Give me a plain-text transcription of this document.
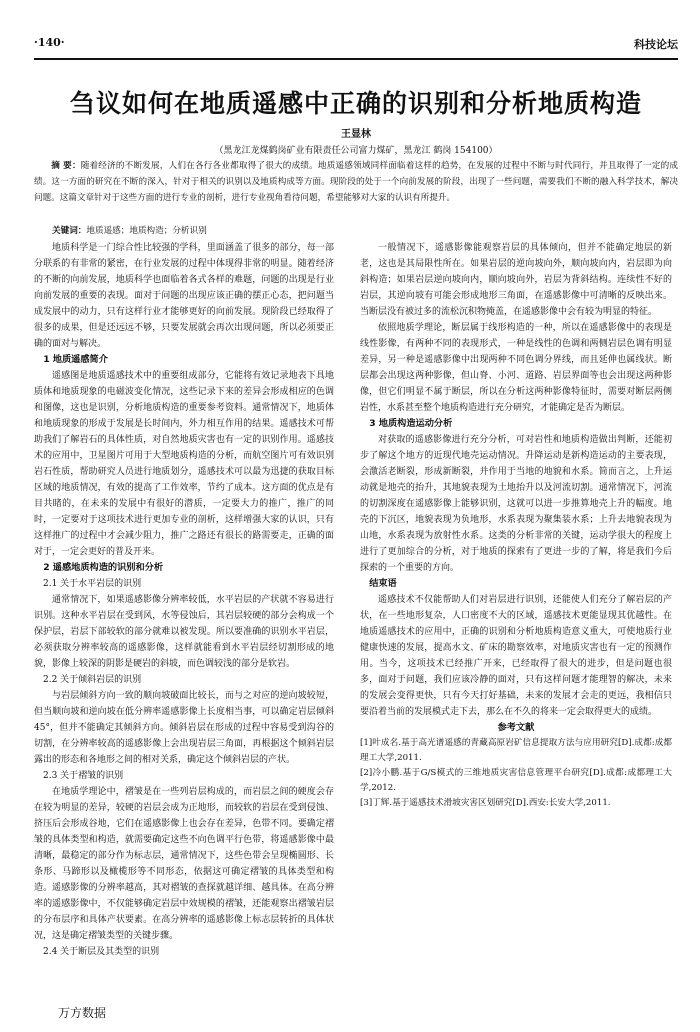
·140·	科技论坛
刍议如何在地质遥感中正确的识别和分析地质构造
王显林
（黑龙江龙煤鹤岗矿业有限责任公司富力煤矿，黑龙江 鹤岗 154100）
摘 要：随着经济的不断发展，人们在各行各业都取得了很大的成绩。地质遥感领域同样面临着这样的趋势，在发展的过程中不断与时代同行，并且取得了一定的成绩。这一方面的研究在不断的深入，针对于相关的识别以及地质构成等方面。现阶段的处于一个向前发展的阶段，出现了一些问题，需要我们不断的融入科学技术，解决问题。这篇文章针对于这些方面的进行专业的剖析，进行专业视角看待问题，希望能够对大家的认识有所提升。
关键词：地质遥感；地质构造；分析识别

地质科学是一门综合性比较强的学科，里面涵盖了很多的部分，每一部分联系的有非常的紧密，在行业发展的过程中体现得非常的明显。随着经济的不断的向前发展，地质科学也面临着各式各样的难题，问题的出现是行业向前发展的重要的表现。面对于问题的出现应该正确的摆正心态，把问题当成发展中的动力，只有这样行业才能够更好的向前发展。现阶段已经取得了很多的成果，但是还远远不够，只要发展就会再次出现问题，所以必须要正确的面对与解决。

1 地质遥感简介

遥感图是地质遥感技术中的重要组成部分，它能将有效记录地表下具地质体和地质现象的电磁波变化情况，这些记录下来的差异会形成相应的色调和图像，这也是识别，分析地质构造的重要参考资料。通常情况下，地质体和地质现象的形成于发展是长时间内，外力相互作用的结果。遥感技术可帮助我们了解岩石的具体性质，对自然地质灾害也有一定的识别作用。遥感技术的应用中，卫星图片可用于大型地质构造的分析，而航空图片可有效识别岩石性质，帮助研究人员进行地质划分，遥感技术可以最为迅捷的获取目标区域的地质情况，有效的提高了工作效率，节约了成本。这方面的优点是有目共睹的，在未来的发展中有很好的潜质，一定要大力的推广，推广的同时，一定要对于这项技术进行更加专业的剖析，这样增强大家的认识，只有这样推广的过程中才会减少阻力，推广之路还有很长的路需要走，正确的面对于，一定会更好的普及开来。

2 遥感地质构造的识别和分析
2.1 关于水平岩层的识别

通常情况下，如果遥感影像分辨率较低，水平岩层的产状就不容易进行识别。这种水平岩层在受到风，水等侵蚀后，其岩层较硬的部分会构成一个保护层，岩层下部较软的部分就难以被发现。所以要准确的识别水平岩层，必须获取分辨率较高的遥感影像，这样就能看到水平岩层经切割形成的地貌，影像上较深的阴影是硬岩的斜坡，而色调较浅的部分是软岩。

2.2 关于倾斜岩层的识别

与岩层倾斜方向一致的顺向坡破面比较长，而与之对应的逆向坡较短，但当顺向坡和逆向坡在低分辨率遥感影像上长度相当事，可以确定岩层倾斜45°，但并不能确定其倾斜方向。倾斜岩层在形成的过程中容易受到沟谷的切割，在分辨率较高的遥感影像上会出现岩层三角面，再根据这个倾斜岩层露出的形态和各地形之间的相对关系，确定这个倾斜岩层的产状。

2.3 关于褶皱的识别

在地质学理论中，褶皱是在一些列岩层构成的，而岩层之间的硬度会存在较为明显的差异，较硬的岩层会成为正地形，而较软的岩层在受到侵蚀、挤压后会形成谷地，它们在遥感影像上也会存在差异，色带不同。要确定褶皱的具体类型和构造，就需要确定这些不向色调平行色带，将遥感影像中最清晰，最稳定的部分作为标志层，通常情况下，这些色带会呈现椭圆形、长条形、马蹄形以及橄榄形等不同形态，依据这可确定褶皱的具体类型和构造。遥感影像的分辨率越高，其对褶皱的查探就越详细、越具体。在高分辨率的遥感影像中，不仅能够确定岩层中效规模的褶皱，还能观察出褶皱岩层的分布层序和具体产状要素。在高分辨率的遥感影像上标志层转折的具体状况，这是确定褶皱类型的关键步骤。

2.4 关于断层及其类型的识别

一般情况下，遥感影像能观察岩层的具体倾向，但并不能确定地层的新老，这也是其局限性所在。如果岩层的逆向坡向外，顺向坡向内，岩层即为向斜构造；如果岩层逆向坡向内，顺向坡向外，岩层为背斜结构。连续性不好的岩层，其逆向坡有可能会形成地形三角面，在遥感影像中可清晰的反映出来。当断层没有被过多的流松沉积物掩盖，在遥感影像中会有较为明显的特征。

依照地质学理论，断层属于线形构造的一种，所以在遥感影像中的表现是线性影像，有两种不同的表现形式，一种是线性的色调和两侧岩层色调有明显差异，另一种是遥感影像中出现两种不同色调分界线，而且延伸也属线状。断层都会出现这两种影像，但山脊、小河、道路、岩层界面等也会出现这两种影像，但它们明显不属于断层，所以在分析这两种影像特征时，需要对断层两侧岩性，水系甚至整个地质构造进行充分研究，才能确定是否为断层。

3 地质构造运动分析

对获取的遥感影像进行充分分析，可对岩性和地质构造做出判断，还能初步了解这个地方的近现代地壳运动情况。升降运动是新构造运动的主要表现，会激活老断裂，形成新断裂，并作用于当地的地貌和水系。简而言之，上升运动就是地壳的抬升，其地貌表现为土地抬升以及河流切割。通常情况下，河流的切割深度在遥感影像上能够识别，这就可以进一步推算地壳上升的幅度。地壳的下沉区，地貌表现为负地形，水系表现为聚集装水系；上升去地貌表现为山地，水系表现为放射性水系。这类的分析非常的关键，运动学很大的程度上进行了更加综合的分析，对于地质的探索有了更进一步的了解，将是我们今后探索的一个重要的方向。

结束语

遥感技术不仅能帮助人们对岩层进行识别，还能使人们充分了解岩层的产状，在一些地形复杂，人口密度不大的区域，遥感技术更能显现其优越性。在地质遥感技术的应用中，正确的识别和分析地质构造意义重大，可使地质行业健康快速的发展，提高水文、矿床的勘察效率，对地质灾害也有一定的预测作用。当今，这项技术已经推广开来，已经取得了很大的进步，但是问题也很多，面对于问题，我们应该冷静的面对，只有这样问题才能理智的解决，未来的发展会变得更快，只有今天打好基础，未来的发展才会走的更远，我相信只要沿着当前的发展模式走下去，那么在不久的将来一定会取得更大的成绩。

参考文献
[1]叶成名.基于高光谱遥感的青藏高原岩矿信息提取方法与应用研究[D].成都:成都理工大学,2011.
[2]冷小鹏.基于G/S模式的三维地质灾害信息管理平台研究[D].成都:成都理工大学,2012.
[3]丁辉.基于遥感技术滑坡灾害区划研究[D].西安:长安大学,2011.
万方数据
